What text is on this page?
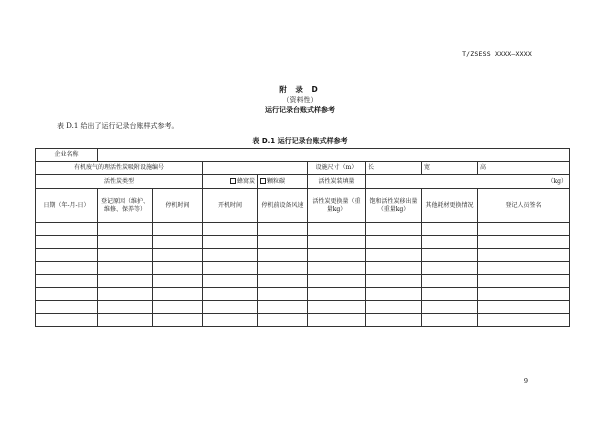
T/ZSESS XXXX—XXXX
附 录 D
（资料性）
运行记录台账式样参考
表 D.1 给出了运行记录台账样式参考。
表 D.1 运行记录台账式样参考
企业名称								
有机废气的理活性炭吸附设施编号					设施尺寸（m）	长	宽	高
活性炭类型			蜂窝炭	颗粒碳	活性炭装填量	（kg）		
日期（年-月-日）	登记原因（维护、维修、保养等）	停机时间	开机时间	停机前设备风速	活性炭更换量（重量kg）	饱和活性炭移出量（重量kg）	其他耗材更换情况	登记人员签名

9
